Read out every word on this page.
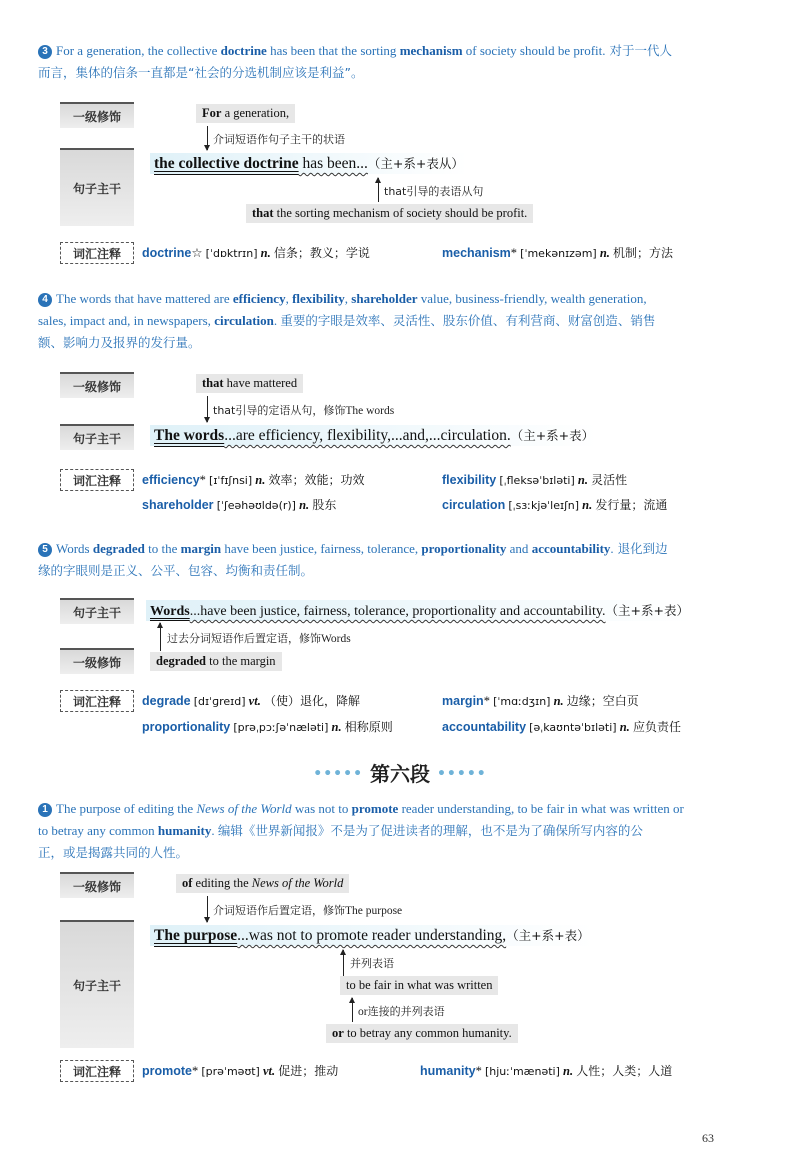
3 For a generation, the collective doctrine has been that the sorting mechanism of society should be profit. 对于一代人
而言，集体的信条一直都是“社会的分选机制应该是利益”。
一级修饰
句子主干
For a generation,
介词短语作句子主干的状语
the collective doctrine has been...（主+系+表从）
that引导的表语从句
that the sorting mechanism of society should be profit.
词汇注释	doctrine☆ [ˈdɒktrɪn] n. 信条；教义；学说	mechanism* [ˈmekənɪzəm] n. 机制；方法
4 The words that have mattered are efficiency, flexibility, shareholder value, business-friendly, wealth generation,
sales, impact and, in newspapers, circulation. 重要的字眼是效率、灵活性、股东价值、有利营商、财富创造、销售
额、影响力及报界的发行量。
一级修饰
句子主干
that have mattered
that引导的定语从句，修饰The words
The words...are efficiency, flexibility,...and,...circulation.（主+系+表）
词汇注释	efficiency* [ɪˈfɪʃnsi] n. 效率；效能；功效	flexibility [ˌfleksəˈbɪləti] n. 灵活性
shareholder [ˈʃeəhəʊldə(r)] n. 股东	circulation [ˌsɜːkjəˈleɪʃn] n. 发行量；流通
5 Words degraded to the margin have been justice, fairness, tolerance, proportionality and accountability. 退化到边
缘的字眼则是正义、公平、包容、均衡和责任制。
句子主干
一级修饰
Words...have been justice, fairness, tolerance, proportionality and accountability.（主+系+表）
过去分词短语作后置定语，修饰Words
degraded to the margin
词汇注释	degrade [dɪˈɡreɪd] vt. （使）退化，降解	margin* [ˈmɑːdʒɪn] n. 边缘；空白页
proportionality [prəˌpɔːʃəˈnæləti] n. 相称原则	accountability [əˌkaʊntəˈbɪləti] n. 应负责任
••••• 第六段 •••••
1 The purpose of editing the News of the World was not to promote reader understanding, to be fair in what was written or
to betray any common humanity. 编辑《世界新闻报》不是为了促进读者的理解，也不是为了确保所写内容的公
正，或是揭露共同的人性。
一级修饰
句子主干
of editing the News of the World
介词短语作后置定语，修饰The purpose
The purpose...was not to promote reader understanding,（主+系+表）
并列表语
to be fair in what was written
or连接的并列表语
or to betray any common humanity.
词汇注释	promote* [prəˈməʊt] vt. 促进；推动	humanity* [hjuːˈmænəti] n. 人性；人类；人道
63
